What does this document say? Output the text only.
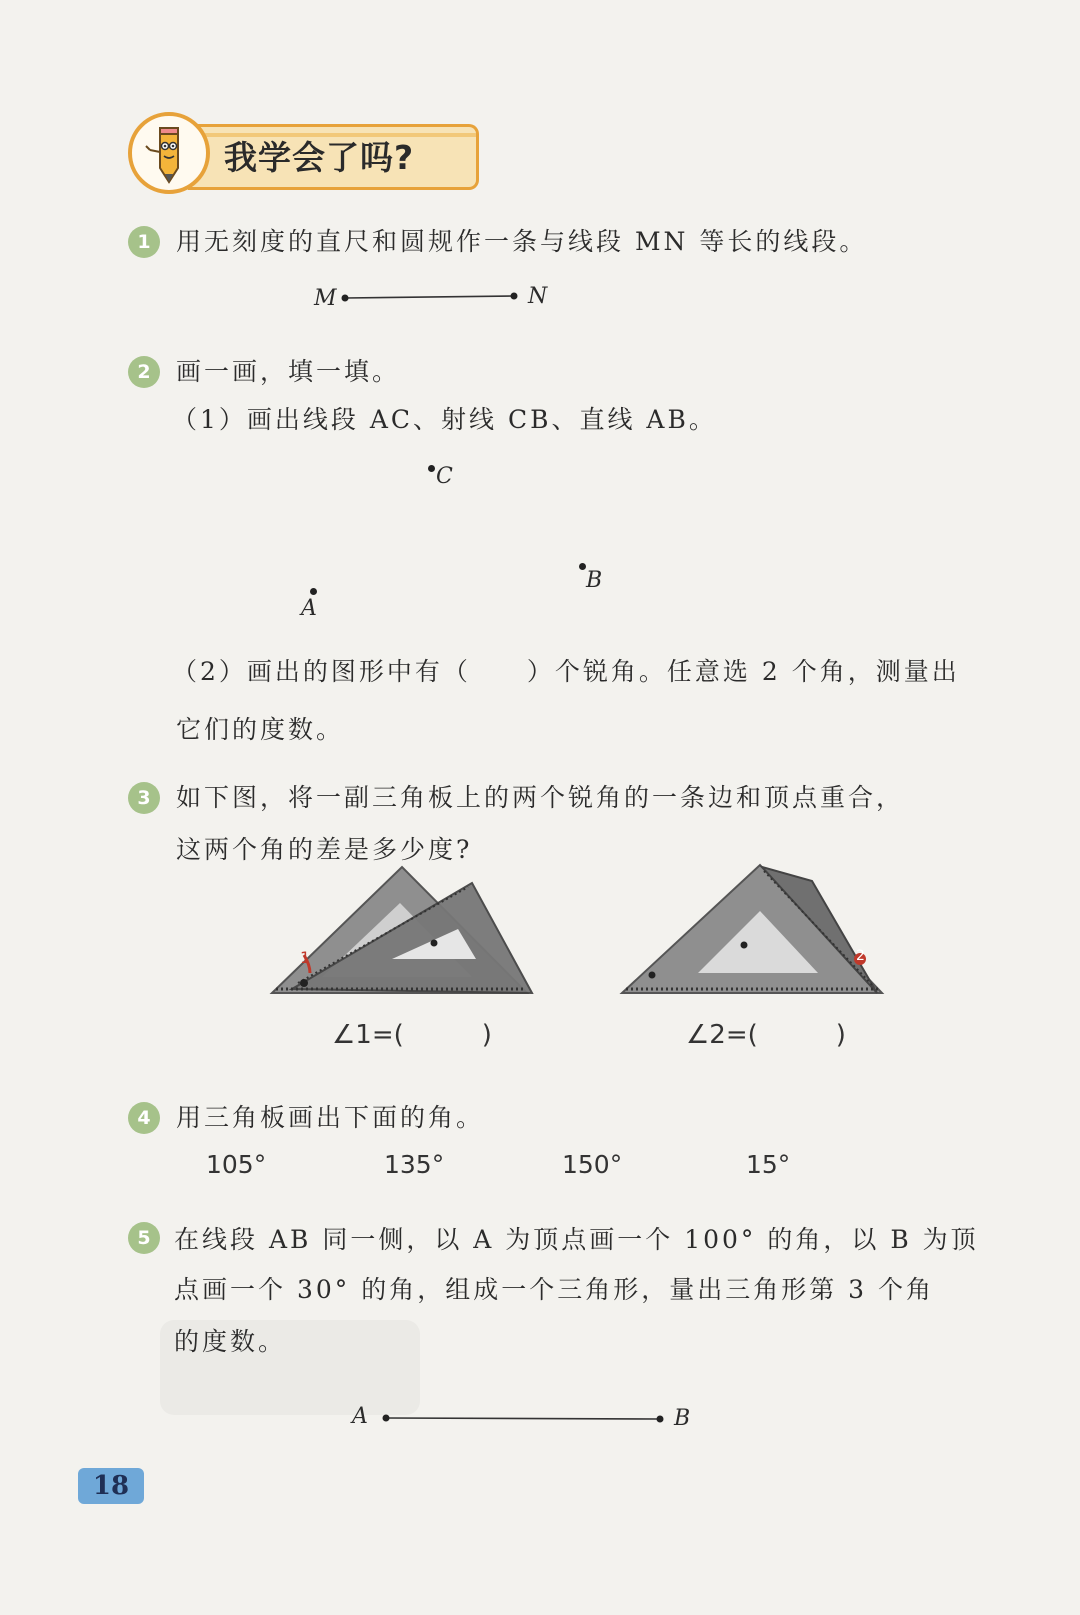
我学会了吗?
1	用无刻度的直尺和圆规作一条与线段 MN 等长的线段。
M	N
2	画一画，填一填。
（1）画出线段 AC、射线 CB、直线 AB。
C
B
A
（2）画出的图形中有（　　）个锐角。任意选 2 个角，测量出
它们的度数。
3	如下图，将一副三角板上的两个锐角的一条边和顶点重合，
这两个角的差是多少度?
1	2
∠1=(　　　)	∠2=(　　　)
4	用三角板画出下面的角。
105°	135°	150°	15°
5 在线段 AB 同一侧，以 A 为顶点画一个 100° 的角，以 B 为顶
点画一个 30° 的角，组成一个三角形，量出三角形第 3 个角
的度数。
A	B
18
